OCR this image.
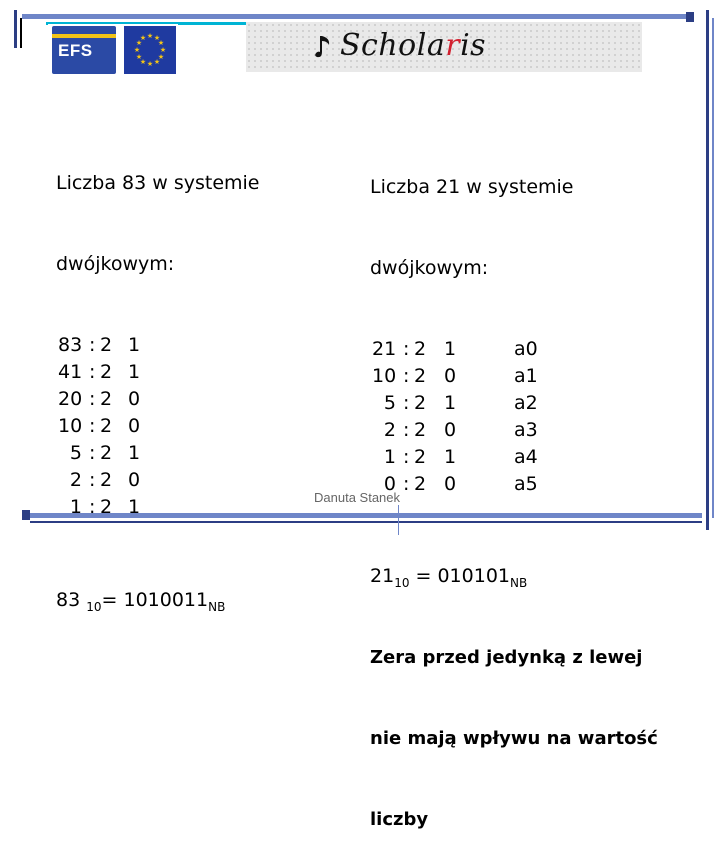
EFS
★ ★
★
★
★
★
★
★
★
★
★
★	Scholaris

Liczba 83 w systemie

dwójkowym:

83 : 2 1
41 : 2 1
20 : 2 0
10 : 2 0
5 : 2 1
2 : 2 0
1 : 2 1

83 $_{10}= 1010011_{NB}$

Liczba 21 w systemie

dwójkowym:

21 : 2 1	a0
10 : 2 0	a1
5 : 2 1	a2
2 : 2 0	a3
1 : 2 1	a4
0 : 2 0	a5

$21_{10} = 010101_{NB}$

Zera przed jedynką z lewej

nie mają wpływu na wartość

liczby

Danuta Stanek
